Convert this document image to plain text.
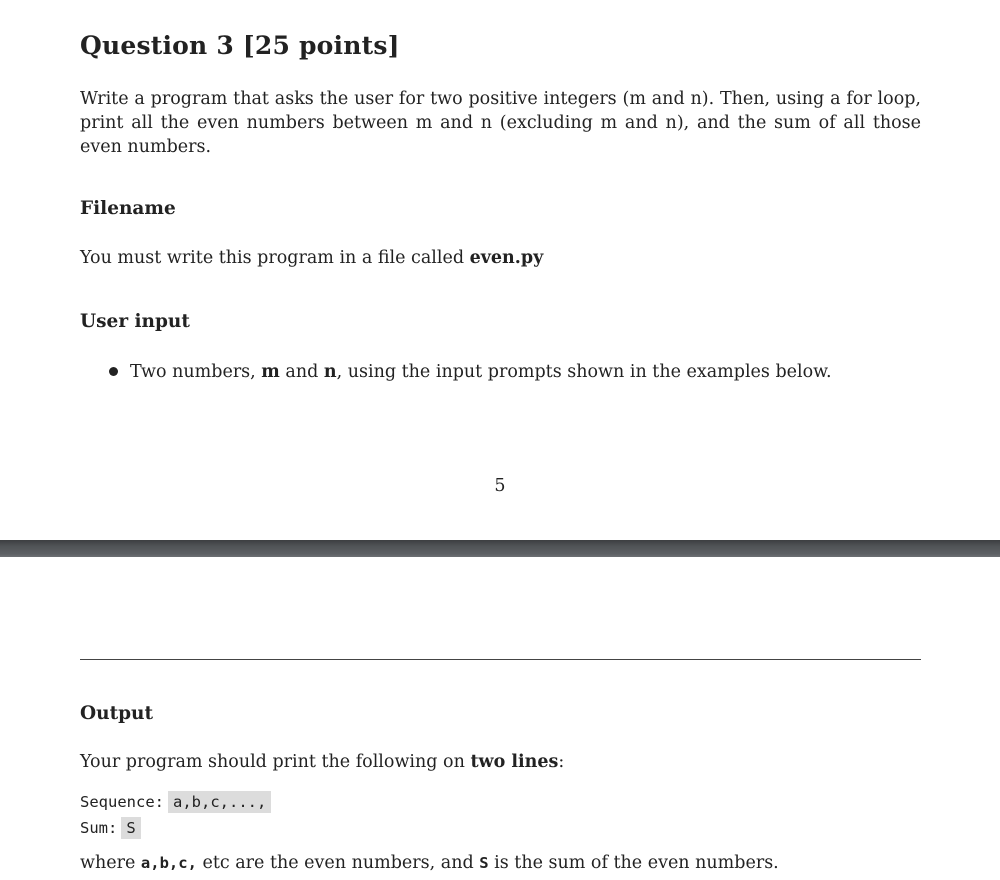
Question 3 [25 points]

Write a program that asks the user for two positive integers (m and n). Then, using a for loop, print all the even numbers between m and n (excluding m and n), and the sum of all those even numbers.

Filename

You must write this program in a file called even.py

User input
Two numbers, m and n, using the input prompts shown in the examples below.

5

Output

Your program should print the following on two lines:

Sequence: a,b,c,...,

Sum: S

where a,b,c, etc are the even numbers, and S is the sum of the even numbers.
